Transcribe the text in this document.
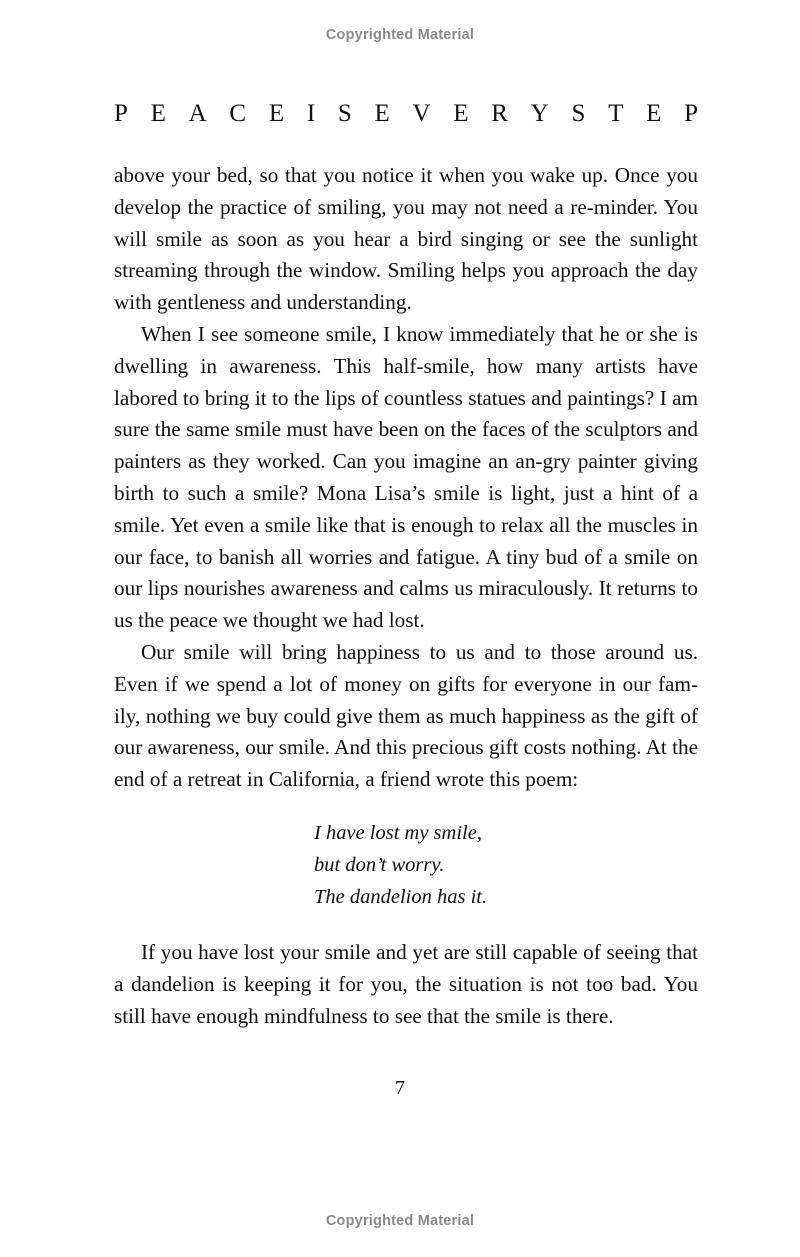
Copyrighted Material
P E A C E I S E V E R Y S T E P

above your bed, so that you notice it when you wake up. Once you develop the practice of smiling, you may not need a re-minder. You will smile as soon as you hear a bird singing or see the sunlight streaming through the window. Smiling helps you approach the day with gentleness and understanding.

When I see someone smile, I know immediately that he or she is dwelling in awareness. This half-smile, how many artists have labored to bring it to the lips of countless statues and paintings? I am sure the same smile must have been on the faces of the sculptors and painters as they worked. Can you imagine an an-gry painter giving birth to such a smile? Mona Lisa’s smile is light, just a hint of a smile. Yet even a smile like that is enough to relax all the muscles in our face, to banish all worries and fatigue. A tiny bud of a smile on our lips nourishes awareness and calms us miraculously. It returns to us the peace we thought we had lost.

Our smile will bring happiness to us and to those around us. Even if we spend a lot of money on gifts for everyone in our fam-ily, nothing we buy could give them as much happiness as the gift of our awareness, our smile. And this precious gift costs nothing. At the end of a retreat in California, a friend wrote this poem:

I have lost my smile,
but don’t worry.
The dandelion has it.

If you have lost your smile and yet are still capable of seeing that a dandelion is keeping it for you, the situation is not too bad. You still have enough mindfulness to see that the smile is there.

7
Copyrighted Material
